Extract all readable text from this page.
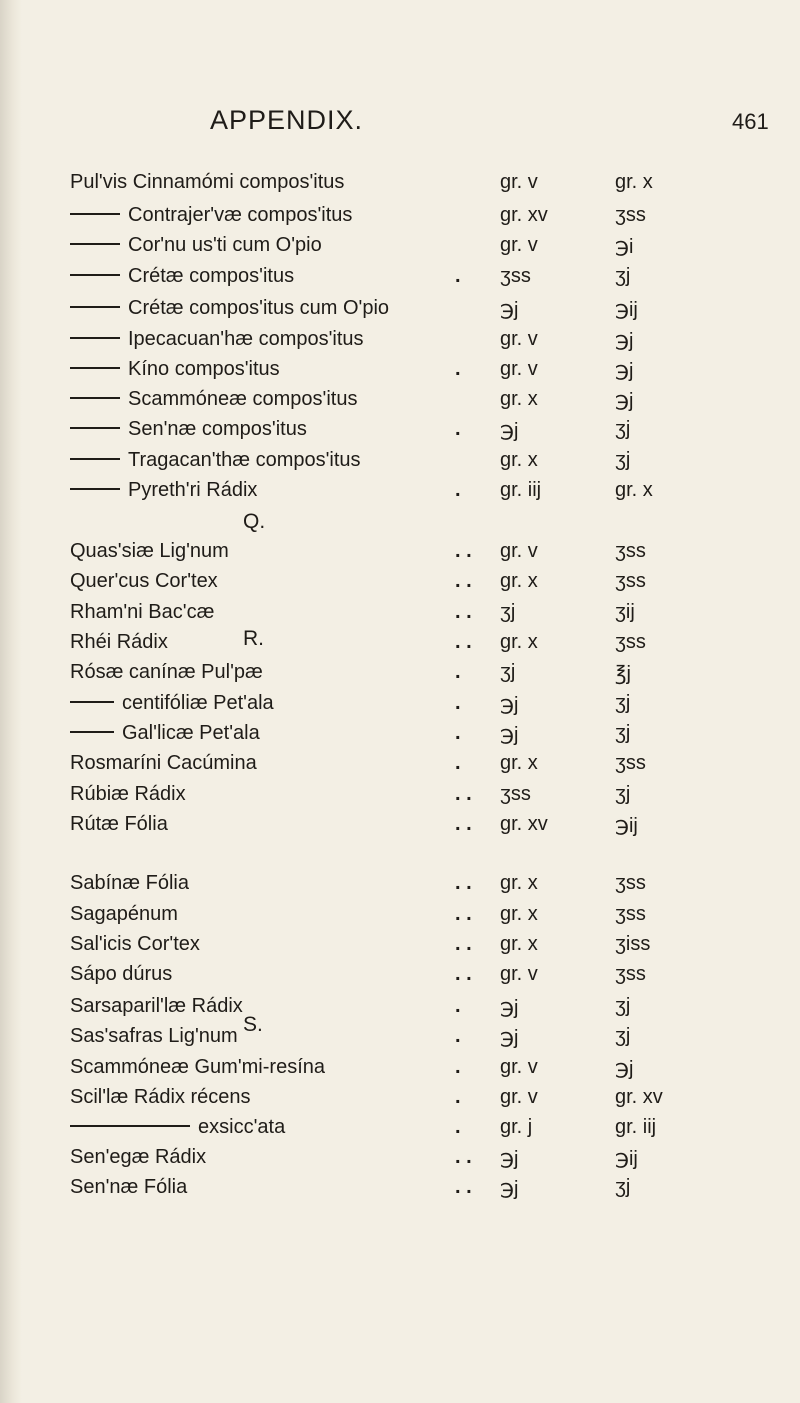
APPENDIX.	461
Pul'vis Cinnamómi compos'itus	gr. v	gr. x
Contrajer'væ compos'itus	gr. xv	ʒss
Cor'nu us'ti cum O'pio	gr. v	℈i
Crétæ compos'itus	. ʒss	ʒj
Crétæ compos'itus cum O'pio	℈j	℈ij
Ipecacuan'hæ compos'itus	gr. v	℈j
Kíno compos'itus	. gr. v	℈j
Scammóneæ compos'itus	gr. x	℈j
Sen'næ compos'itus	. ℈j	ʒj
Tragacan'thæ compos'itus	gr. x	ʒj
Pyreth'ri Rádix	. gr. iij	gr. x
Quas'siæ Lig'num	. . gr. v	ʒss
Quer'cus Cor'tex	. . gr. x	ʒss
Rham'ni Bac'cæ	. . ʒj	ʒij
Rhéi Rádix	. . gr. x	ʒss
Rósæ canínæ Pul'pæ	. ʒj	℥j
centifóliæ Pet'ala	. ℈j	ʒj
Gal'licæ Pet'ala	. ℈j	ʒj
Rosmaríni Cacúmina	. gr. x	ʒss
Rúbiæ Rádix	. . ʒss	ʒj
Rútæ Fólia	. . gr. xv	℈ij
Sabínæ Fólia	. . gr. x	ʒss
Sagapénum	. . gr. x	ʒss
Sal'icis Cor'tex	. . gr. x	ʒiss
Sápo dúrus	. . gr. v	ʒss
Sarsaparil'læ Rádix	. ℈j	ʒj
Sas'safras Lig'num	. ℈j	ʒj
Scammóneæ Gum'mi-resína	. gr. v	℈j
Scil'læ Rádix récens	. gr. v	gr. xv
exsicc'ata	. gr. j	gr. iij
Sen'egæ Rádix	. . ℈j	℈ij
Sen'næ Fólia	. . ℈j	ʒj
Q.
R.
S.
